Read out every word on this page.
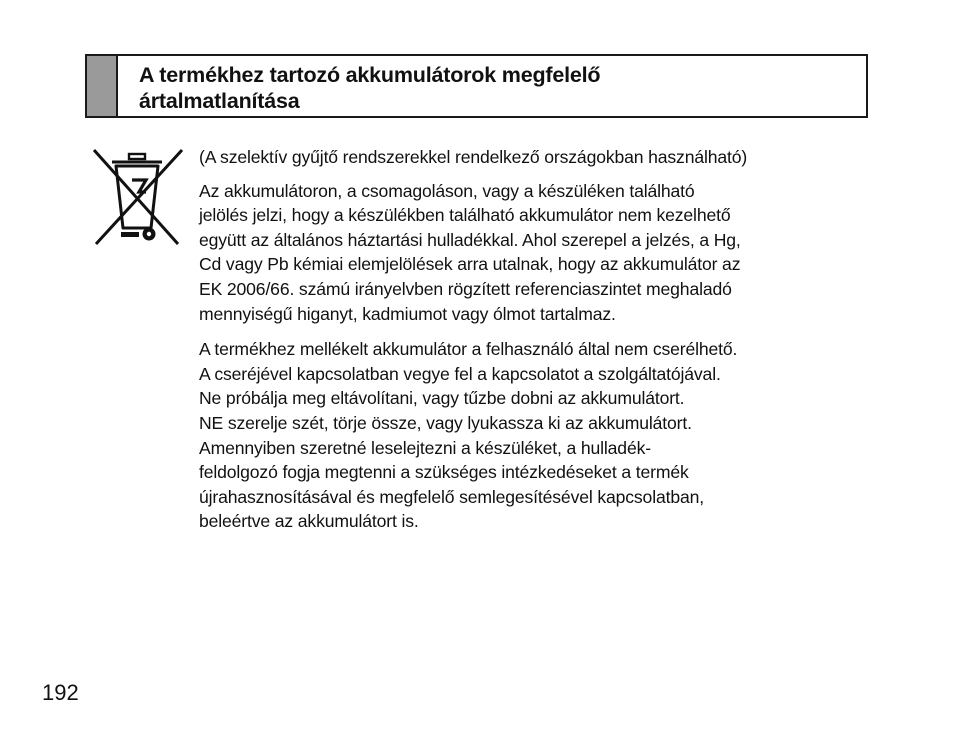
A termékhez tartozó akkumulátorok megfelelő
ártalmatlanítása

(A szelektív gyűjtő rendszerekkel rendelkező országokban használható)

Az akkumulátoron, a csomagoláson, vagy a készüléken található
jelölés jelzi, hogy a készülékben található akkumulátor nem kezelhető
együtt az általános háztartási hulladékkal. Ahol szerepel a jelzés, a Hg,
Cd vagy Pb kémiai elemjelölések arra utalnak, hogy az akkumulátor az
EK 2006/66. számú irányelvben rögzített referenciaszintet meghaladó
mennyiségű higanyt, kadmiumot vagy ólmot tartalmaz.

A termékhez mellékelt akkumulátor a felhasználó által nem cserélhető.
A cseréjével kapcsolatban vegye fel a kapcsolatot a szolgáltatójával.
Ne próbálja meg eltávolítani, vagy tűzbe dobni az akkumulátort.
NE szerelje szét, törje össze, vagy lyukassza ki az akkumulátort.
Amennyiben szeretné leselejtezni a készüléket, a hulladék-
feldolgozó fogja megtenni a szükséges intézkedéseket a termék
újrahasznosításával és megfelelő semlegesítésével kapcsolatban,
beleértve az akkumulátort is.

192
